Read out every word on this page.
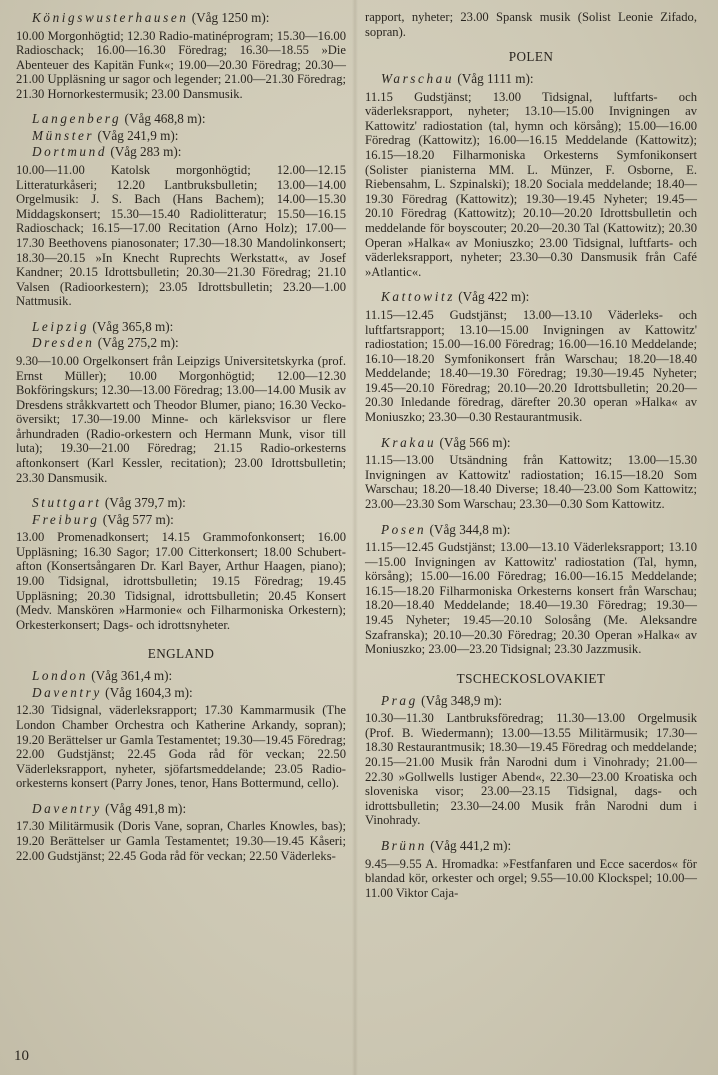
Königswusterhausen (Våg 1250 m):

10.00 Morgonhögtid; 12.30 Radio-matinéprogram; 15.30—16.00 Radioschack; 16.00—16.30 Föredrag; 16.30—18.55 »Die Abenteuer des Kapitän Funk«; 19.00—20.30 Föredrag; 20.30—21.00 Uppläsning ur sagor och legender; 21.00—21.30 Föredrag; 21.30 Hornorkestermusik; 23.00 Dansmusik.

Langenberg (Våg 468,8 m):

Münster (Våg 241,9 m):

Dortmund (Våg 283 m):

10.00—11.00 Katolsk morgonhögtid; 12.00—12.15 Litteraturkåseri; 12.20 Lantbruksbulletin; 13.00—14.00 Orgelmusik: J. S. Bach (Hans Bachem); 14.00—15.30 Middagskonsert; 15.30—15.40 Radiolitteratur; 15.50—16.15 Radioschack; 16.15—17.00 Recitation (Arno Holz); 17.00—17.30 Beethovens pianosonater; 17.30—18.30 Mandolinkonsert; 18.30—20.15 »In Knecht Ruprechts Werkstatt«, av Josef Kandner; 20.15 Idrottsbulletin; 20.30—21.30 Föredrag; 21.10 Valsen (Radioorkestern); 23.05 Idrottsbulletin; 23.20—1.00 Nattmusik.

Leipzig (Våg 365,8 m):

Dresden (Våg 275,2 m):

9.30—10.00 Orgelkonsert från Leipzigs Universitetskyrka (prof. Ernst Müller); 10.00 Morgonhögtid; 12.00—12.30 Bokföringskurs; 12.30—13.00 Föredrag; 13.00—14.00 Musik av Dresdens stråkkvartett och Theodor Blumer, piano; 16.30 Vecko-översikt; 17.30—19.00 Minne- och kärleksvisor ur flere århundraden (Radio-orkestern och Hermann Munk, visor till luta); 19.30—21.00 Föredrag; 21.15 Radio-orkesterns aftonkonsert (Karl Kessler, recitation); 23.00 Idrottsbulletin; 23.30 Dansmusik.

Stuttgart (Våg 379,7 m):

Freiburg (Våg 577 m):

13.00 Promenadkonsert; 14.15 Grammofonkonsert; 16.00 Uppläsning; 16.30 Sagor; 17.00 Citterkonsert; 18.00 Schubert-afton (Konsertsångaren Dr. Karl Bayer, Arthur Haagen, piano); 19.00 Tidsignal, idrottsbulletin; 19.15 Föredrag; 19.45 Uppläsning; 20.30 Tidsignal, idrottsbulletin; 20.45 Konsert (Medv. Manskören »Harmonie« och Filharmoniska Orkestern); Orkesterkonsert; Dags- och idrottsnyheter.

ENGLAND

London (Våg 361,4 m):

Daventry (Våg 1604,3 m):

12.30 Tidsignal, väderleksrapport; 17.30 Kammarmusik (The London Chamber Orchestra och Katherine Arkandy, sopran); 19.20 Berättelser ur Gamla Testamentet; 19.30—19.45 Föredrag; 22.00 Gudstjänst; 22.45 Goda råd för veckan; 22.50 Väderleksrapport, nyheter, sjöfartsmeddelande; 23.05 Radio-orkesterns konsert (Parry Jones, tenor, Hans Bottermund, cello).

Daventry (Våg 491,8 m):

17.30 Militärmusik (Doris Vane, sopran, Charles Knowles, bas); 19.20 Berättelser ur Gamla Testamentet; 19.30—19.45 Kåseri; 22.00 Gudstjänst; 22.45 Goda råd för veckan; 22.50 Väderleks-

rapport, nyheter; 23.00 Spansk musik (Solist Leonie Zifado, sopran).

POLEN

Warschau (Våg 1111 m):

11.15 Gudstjänst; 13.00 Tidsignal, luftfarts- och väderleksrapport, nyheter; 13.10—15.00 Invigningen av Kattowitz' radiostation (tal, hymn och körsång); 15.00—16.00 Föredrag (Kattowitz); 16.00—16.15 Meddelande (Kattowitz); 16.15—18.20 Filharmoniska Orkesterns Symfonikonsert (Solister pianisterna MM. L. Münzer, F. Osborne, E. Riebensahm, L. Szpinalski); 18.20 Sociala meddelande; 18.40—19.30 Föredrag (Kattowitz); 19.30—19.45 Nyheter; 19.45—20.10 Föredrag (Kattowitz); 20.10—20.20 Idrottsbulletin och meddelande för boyscouter; 20.20—20.30 Tal (Kattowitz); 20.30 Operan »Halka« av Moniuszko; 23.00 Tidsignal, luftfarts- och väderleksrapport, nyheter; 23.30—0.30 Dansmusik från Café »Atlantic«.

Kattowitz (Våg 422 m):

11.15—12.45 Gudstjänst; 13.00—13.10 Väderleks- och luftfartsrapport; 13.10—15.00 Invigningen av Kattowitz' radiostation; 15.00—16.00 Föredrag; 16.00—16.10 Meddelande; 16.10—18.20 Symfonikonsert från Warschau; 18.20—18.40 Meddelande; 18.40—19.30 Föredrag; 19.30—19.45 Nyheter; 19.45—20.10 Föredrag; 20.10—20.20 Idrottsbulletin; 20.20—20.30 Inledande föredrag, därefter 20.30 operan »Halka« av Moniuszko; 23.30—0.30 Restaurantmusik.

Krakau (Våg 566 m):

11.15—13.00 Utsändning från Kattowitz; 13.00—15.30 Invigningen av Kattowitz' radiostation; 16.15—18.20 Som Warschau; 18.20—18.40 Diverse; 18.40—23.00 Som Kattowitz; 23.00—23.30 Som Warschau; 23.30—0.30 Som Kattowitz.

Posen (Våg 344,8 m):

11.15—12.45 Gudstjänst; 13.00—13.10 Väderleksrapport; 13.10—15.00 Invigningen av Kattowitz' radiostation (Tal, hymn, körsång); 15.00—16.00 Föredrag; 16.00—16.15 Meddelande; 16.15—18.20 Filharmoniska Orkesterns konsert från Warschau; 18.20—18.40 Meddelande; 18.40—19.30 Föredrag; 19.30—19.45 Nyheter; 19.45—20.10 Solosång (Me. Aleksandre Szafranska); 20.10—20.30 Föredrag; 20.30 Operan »Halka« av Moniuszko; 23.00—23.20 Tidsignal; 23.30 Jazzmusik.

TSCHECKOSLOVAKIET

Prag (Våg 348,9 m):

10.30—11.30 Lantbruksföredrag; 11.30—13.00 Orgelmusik (Prof. B. Wiedermann); 13.00—13.55 Militärmusik; 17.30—18.30 Restaurantmusik; 18.30—19.45 Föredrag och meddelande; 20.15—21.00 Musik från Narodni dum i Vinohrady; 21.00—22.30 »Gollwells lustiger Abend«, 22.30—23.00 Kroatiska och sloveniska visor; 23.00—23.15 Tidsignal, dags- och idrottsbulletin; 23.30—24.00 Musik från Narodni dum i Vinohrady.

Brünn (Våg 441,2 m):

9.45—9.55 A. Hromadka: »Festfanfaren und Ecce sacerdos« för blandad kör, orkester och orgel; 9.55—10.00 Klockspel; 10.00—11.00 Viktor Caja-

10
